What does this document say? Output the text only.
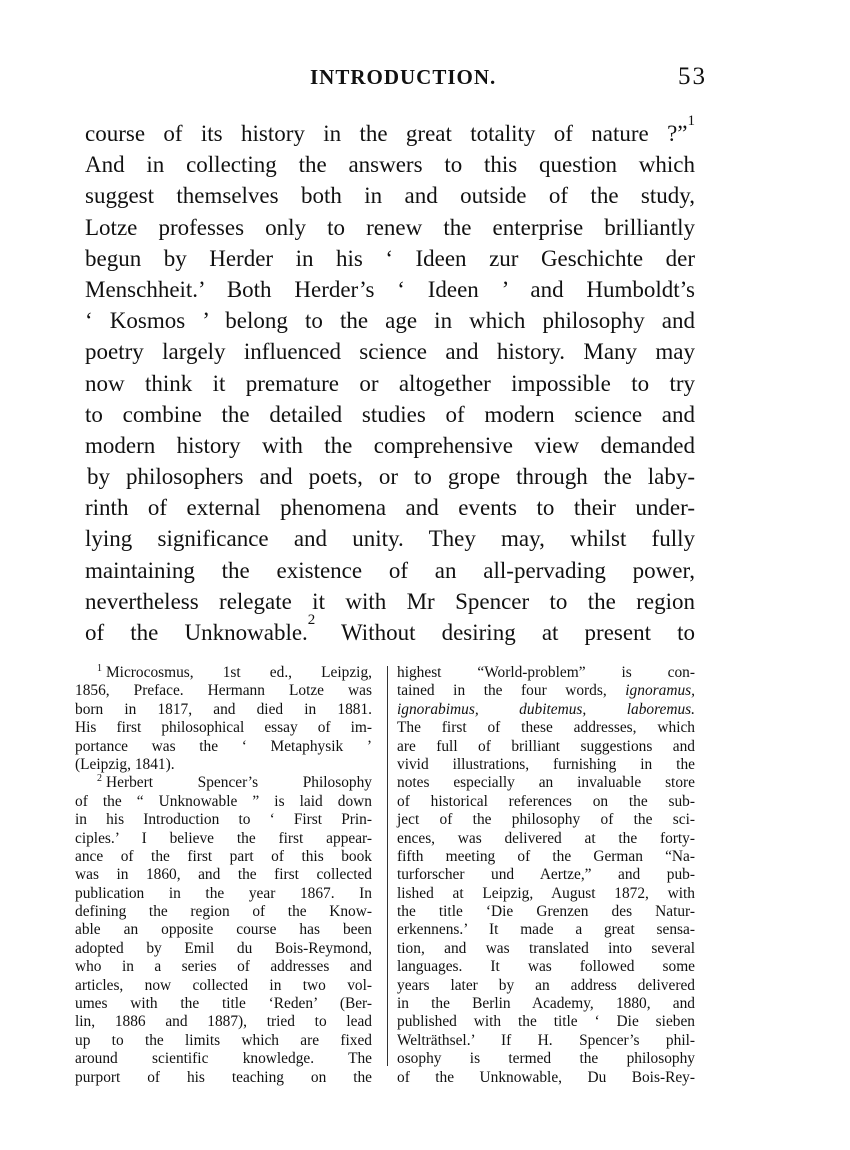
INTRODUCTION.	53
course of its history in the great totality of nature ?”$^1$
And in collecting the answers to this question which
suggest themselves both in and outside of the study,
Lotze professes only to renew the enterprise brilliantly
begun by Herder in his ‘ Ideen zur Geschichte der
Menschheit.’ Both Herder’s ‘ Ideen ’ and Humboldt’s
‘ Kosmos ’ belong to the age in which philosophy and
poetry largely influenced science and history. Many may
now think it premature or altogether impossible to try
to combine the detailed studies of modern science and
modern history with the comprehensive view demanded
by philosophers and poets, or to grope through the laby-
rinth of external phenomena and events to their under-
lying significance and unity. They may, whilst fully
maintaining the existence of an all-pervading power,
nevertheless relegate it with Mr Spencer to the region
of the Unknowable.$^2$ Without desiring at present to
$^1$ Microcosmus, 1st ed., Leipzig,
1856, Preface. Hermann Lotze was
born in 1817, and died in 1881.
His first philosophical essay of im-
portance was the ‘ Metaphysik ’
(Leipzig, 1841).
$^2$ Herbert Spencer’s Philosophy
of the “ Unknowable ” is laid down
in his Introduction to ‘ First Prin-
ciples.’ I believe the first appear-
ance of the first part of this book
was in 1860, and the first collected
publication in the year 1867. In
defining the region of the Know-
able an opposite course has been
adopted by Emil du Bois-Reymond,
who in a series of addresses and
articles, now collected in two vol-
umes with the title ‘Reden’ (Ber-
lin, 1886 and 1887), tried to lead
up to the limits which are fixed
around scientific knowledge. The
purport of his teaching on the
highest “World-problem” is con-
tained in the four words, ignoramus,
ignorabimus,	dubitemus,	laboremus.
The first of these addresses, which
are full of brilliant suggestions and
vivid illustrations, furnishing in the
notes especially an invaluable store
of historical references on the sub-
ject of the philosophy of the sci-
ences, was delivered at the forty-
fifth meeting of the German “Na-
turforscher und Aertze,” and pub-
lished at Leipzig, August 1872, with
the title ‘Die Grenzen des Natur-
erkennens.’ It made a great sensa-
tion, and was translated into several
languages. It was followed some
years later by an address delivered
in the Berlin Academy, 1880, and
published with the title ‘ Die sieben
Welträthsel.’ If H. Spencer’s phil-
osophy is termed the philosophy
of the Unknowable, Du Bois-Rey-
